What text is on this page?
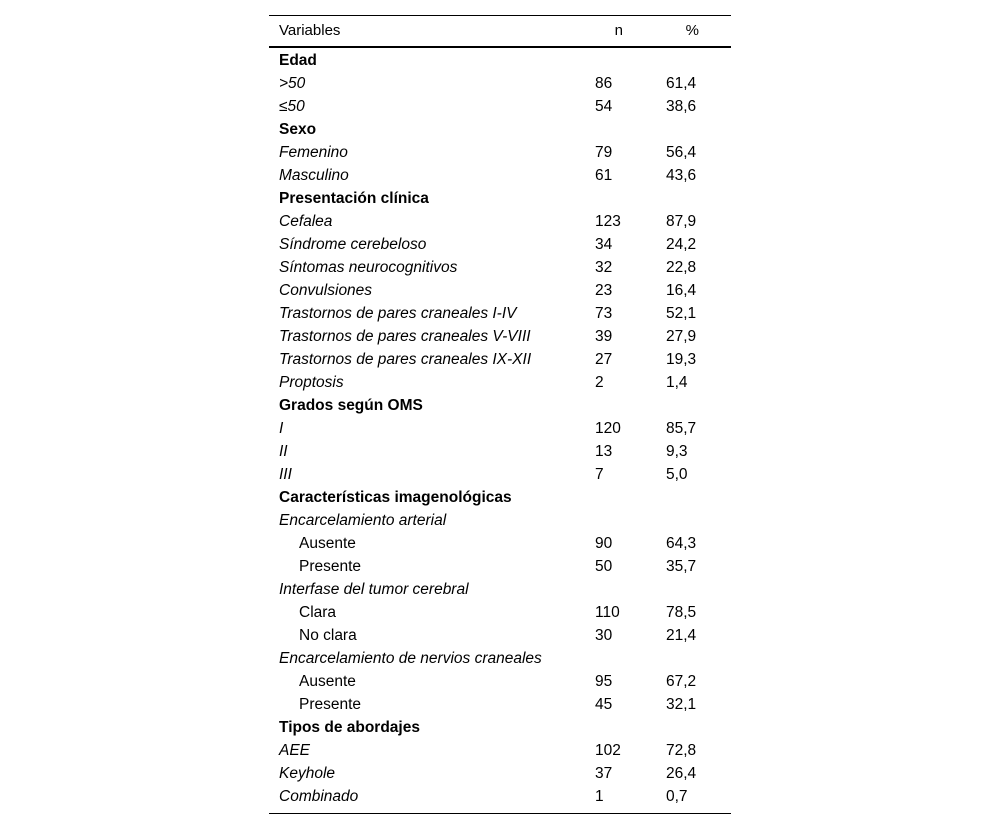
Variables	n	%
Edad
>50	86	61,4
≤50	54	38,6
Sexo
Femenino	79	56,4
Masculino	61	43,6
Presentación clínica
Cefalea	123	87,9
Síndrome cerebeloso	34	24,2
Síntomas neurocognitivos	32	22,8
Convulsiones	23	16,4
Trastornos de pares craneales I-IV	73	52,1
Trastornos de pares craneales V-VIII	39	27,9
Trastornos de pares craneales IX-XII	27	19,3
Proptosis	2	1,4
Grados según OMS
I	120	85,7
II	13	9,3
III	7	5,0
Características imagenológicas
Encarcelamiento arterial
Ausente	90	64,3
Presente	50	35,7
Interfase del tumor cerebral
Clara	110	78,5
No clara	30	21,4
Encarcelamiento de nervios craneales
Ausente	95	67,2
Presente	45	32,1
Tipos de abordajes
AEE	102	72,8
Keyhole	37	26,4
Combinado	1	0,7
